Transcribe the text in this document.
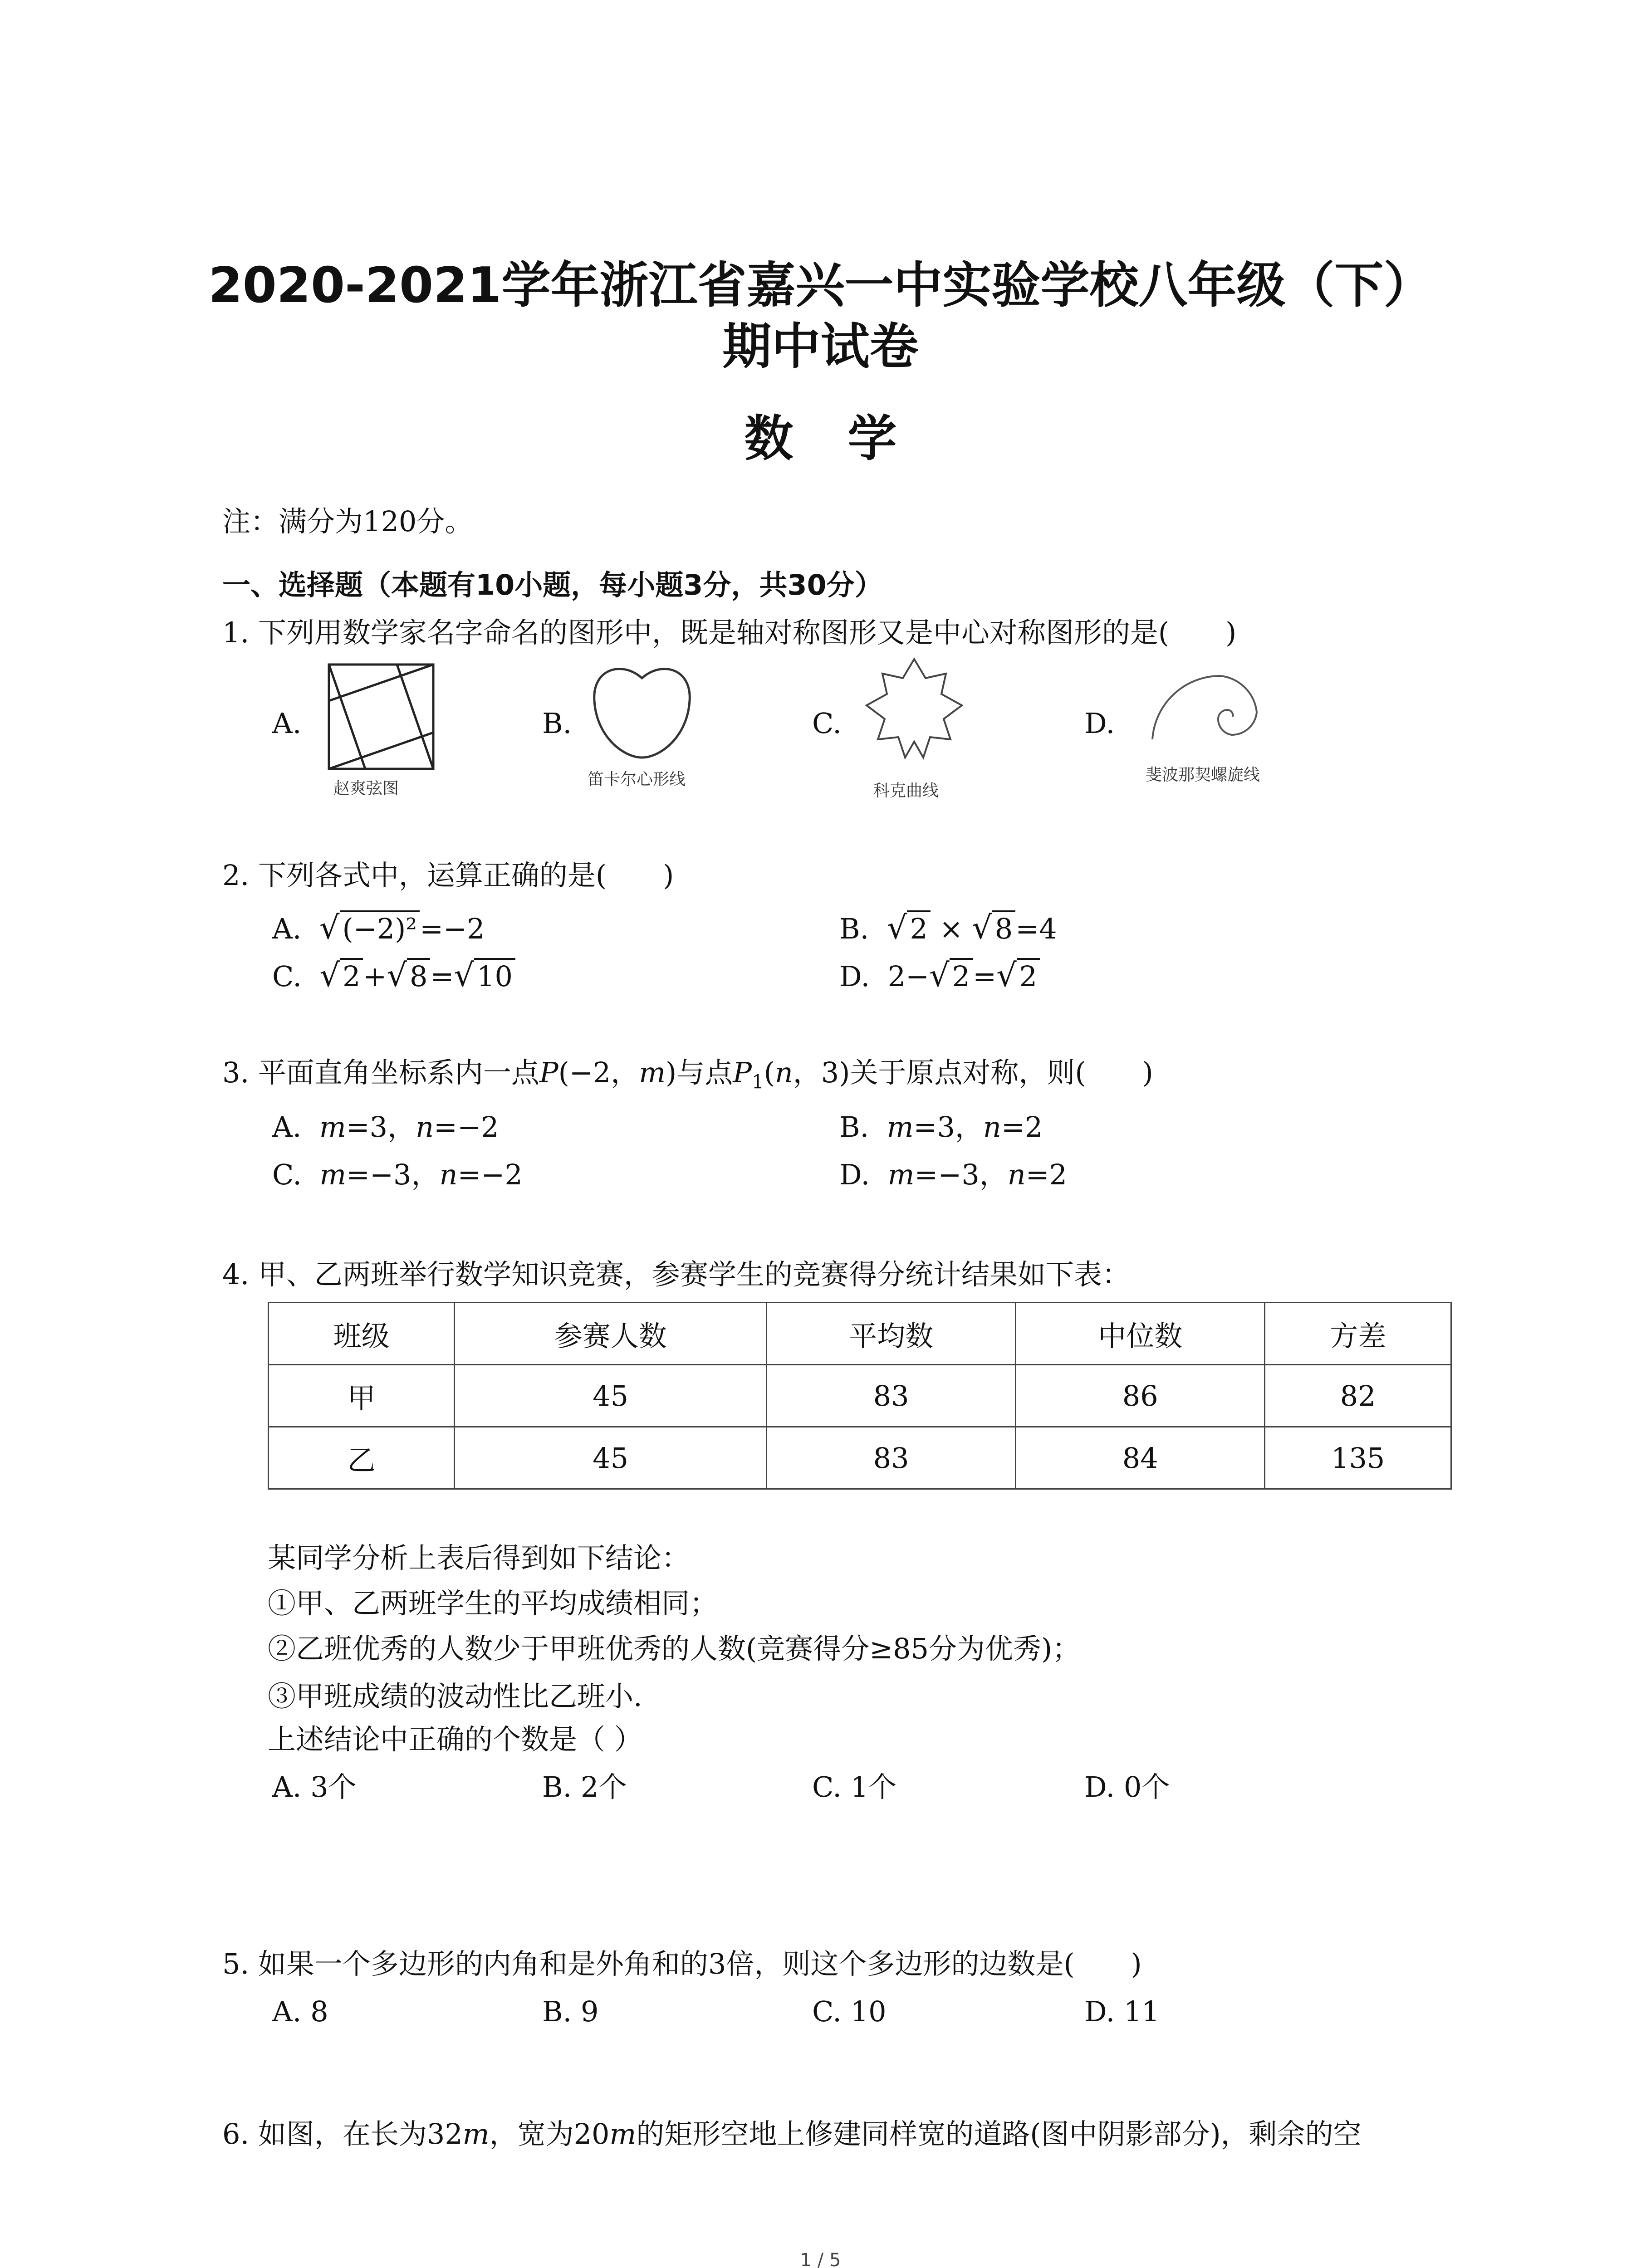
2020-2021学年浙江省嘉兴一中实验学校八年级（下）
期中试卷
数学
注：满分为120分。
一、选择题（本题有10小题，每小题3分，共30分）
1. 下列用数学家名字命名的图形中，既是轴对称图形又是中心对称图形的是(　　)
A.
赵爽弦图
B.
笛卡尔心形线
C.
科克曲线
D.
斐波那契螺旋线
2. 下列各式中，运算正确的是(　　)
A. √(−2)²=−2	B. √2 × √8=4
C. √2+√8=√10	D. 2−√2=√2
3. 平面直角坐标系内一点P(−2，m)与点$P_1(n$，3)关于原点对称，则(　　)
A. m=3，n=−2	B. m=3，n=2
C. m=−3，n=−2	D. m=−3，n=2
4. 甲、乙两班举行数学知识竞赛，参赛学生的竞赛得分统计结果如下表：
班级	参赛人数	平均数	中位数	方差
甲	45	83	86	82
乙	45	83	84	135
某同学分析上表后得到如下结论：
①甲、乙两班学生的平均成绩相同；
②乙班优秀的人数少于甲班优秀的人数(竞赛得分≥85分为优秀)；
③甲班成绩的波动性比乙班小.
上述结论中正确的个数是（ ）
A. 3个	B. 2个	C. 1个	D. 0个
5. 如果一个多边形的内角和是外角和的3倍，则这个多边形的边数是(　　)
A. 8	B. 9	C. 10	D. 11
6. 如图，在长为32m，宽为20m的矩形空地上修建同样宽的道路(图中阴影部分)，剩余的空
1 / 5
